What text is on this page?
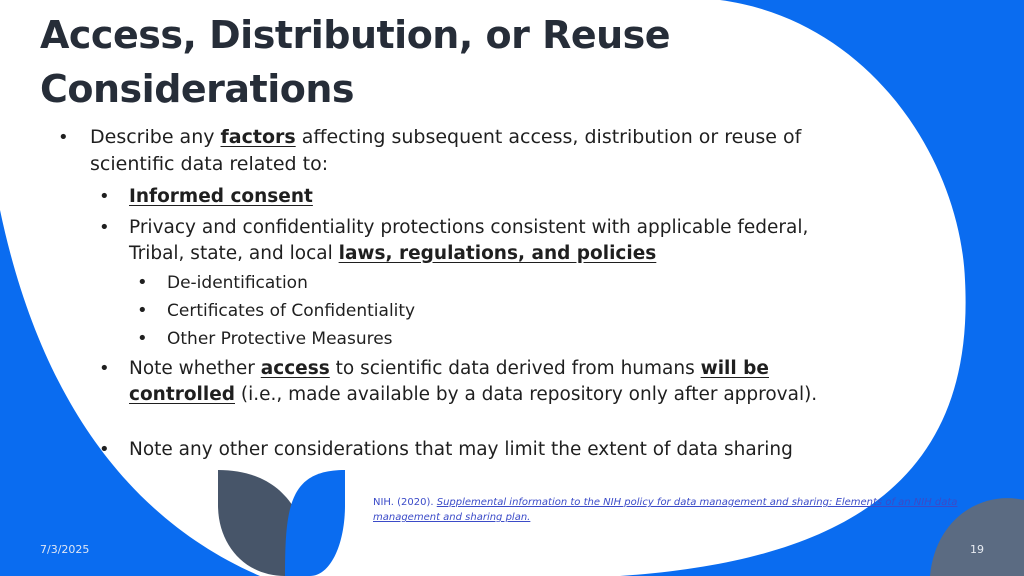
Access, Distribution, or Reuse Considerations
• Describe any factors affecting subsequent access, distribution or reuse of scientific data related to:
• Informed consent
• Privacy and confidentiality protections consistent with applicable federal, Tribal, state, and local laws, regulations, and policies
• De-identification
• Certificates of Confidentiality
• Other Protective Measures
• Note whether access to scientific data derived from humans will be controlled (i.e., made available by a data repository only after approval).
• Note any other considerations that may limit the extent of data sharing
NIH. (2020). Supplemental information to the NIH policy for data management and sharing: Elements of an NIH data management and sharing plan.
7/3/2025	19
